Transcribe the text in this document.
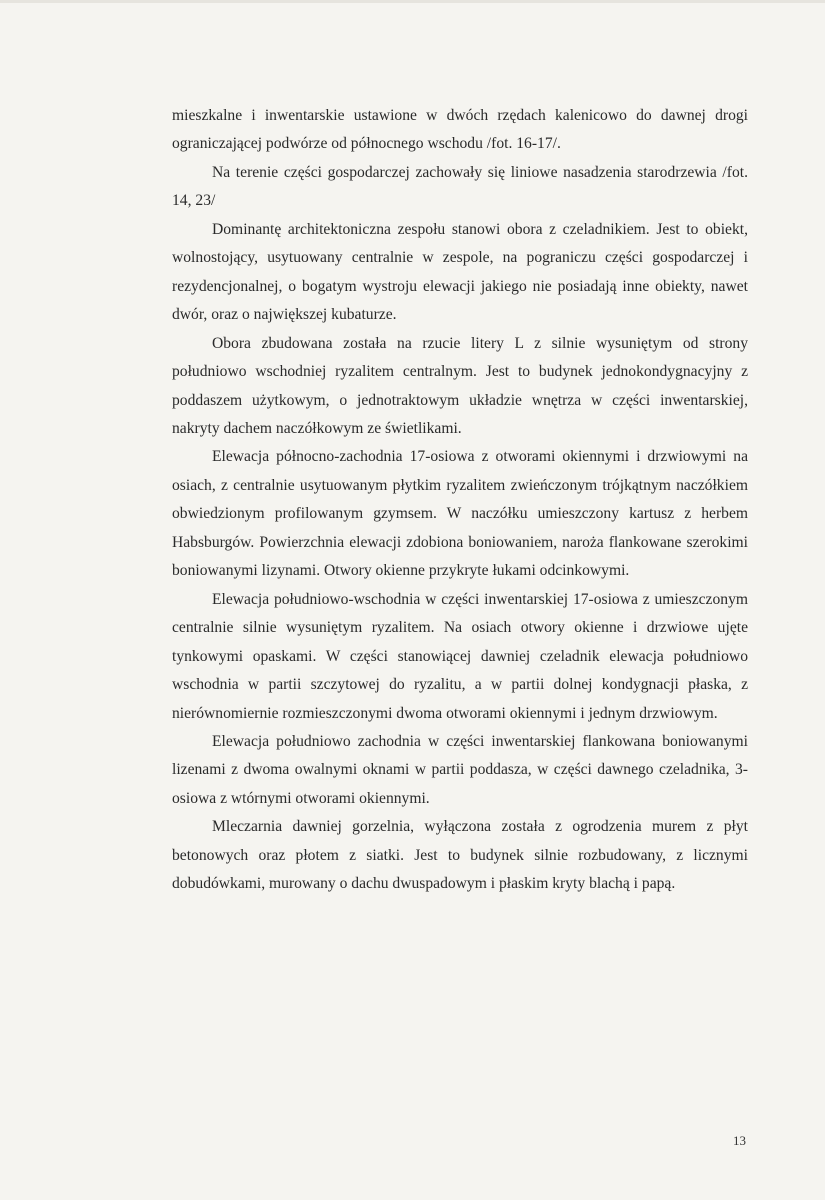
mieszkalne i inwentarskie ustawione w dwóch rzędach kalenicowo do dawnej drogi ograniczającej podwórze od północnego wschodu /fot. 16-17/.

Na terenie części gospodarczej zachowały się liniowe nasadzenia starodrzewia /fot. 14, 23/

Dominantę architektoniczna zespołu stanowi obora z czeladnikiem. Jest to obiekt, wolnostojący, usytuowany centralnie w zespole, na pograniczu części gospodarczej i rezydencjonalnej, o bogatym wystroju elewacji jakiego nie posiadają inne obiekty, nawet dwór, oraz o największej kubaturze.

Obora zbudowana została na rzucie litery L z silnie wysuniętym od strony południowo wschodniej ryzalitem centralnym. Jest to budynek jednokondygnacyjny z poddaszem użytkowym, o jednotraktowym układzie wnętrza w części inwentarskiej, nakryty dachem naczółkowym ze świetlikami.

Elewacja północno-zachodnia 17-osiowa z otworami okiennymi i drzwiowymi na osiach, z centralnie usytuowanym płytkim ryzalitem zwieńczonym trójkątnym naczółkiem obwiedzionym profilowanym gzymsem. W naczółku umieszczony kartusz z herbem Habsburgów. Powierzchnia elewacji zdobiona boniowaniem, naroża flankowane szerokimi boniowanymi lizynami. Otwory okienne przykryte łukami odcinkowymi.

Elewacja południowo-wschodnia w części inwentarskiej 17-osiowa z umieszczonym centralnie silnie wysuniętym ryzalitem. Na osiach otwory okienne i drzwiowe ujęte tynkowymi opaskami. W części stanowiącej dawniej czeladnik elewacja południowo wschodnia w partii szczytowej do ryzalitu, a w partii dolnej kondygnacji płaska, z nierównomiernie rozmieszczonymi dwoma otworami okiennymi i jednym drzwiowym.

Elewacja południowo zachodnia w części inwentarskiej flankowana boniowanymi lizenami z dwoma owalnymi oknami w partii poddasza, w części dawnego czeladnika, 3-osiowa z wtórnymi otworami okiennymi.

Mleczarnia dawniej gorzelnia, wyłączona została z ogrodzenia murem z płyt betonowych oraz płotem z siatki. Jest to budynek silnie rozbudowany, z licznymi dobudówkami, murowany o dachu dwuspadowym i płaskim kryty blachą i papą.

13
